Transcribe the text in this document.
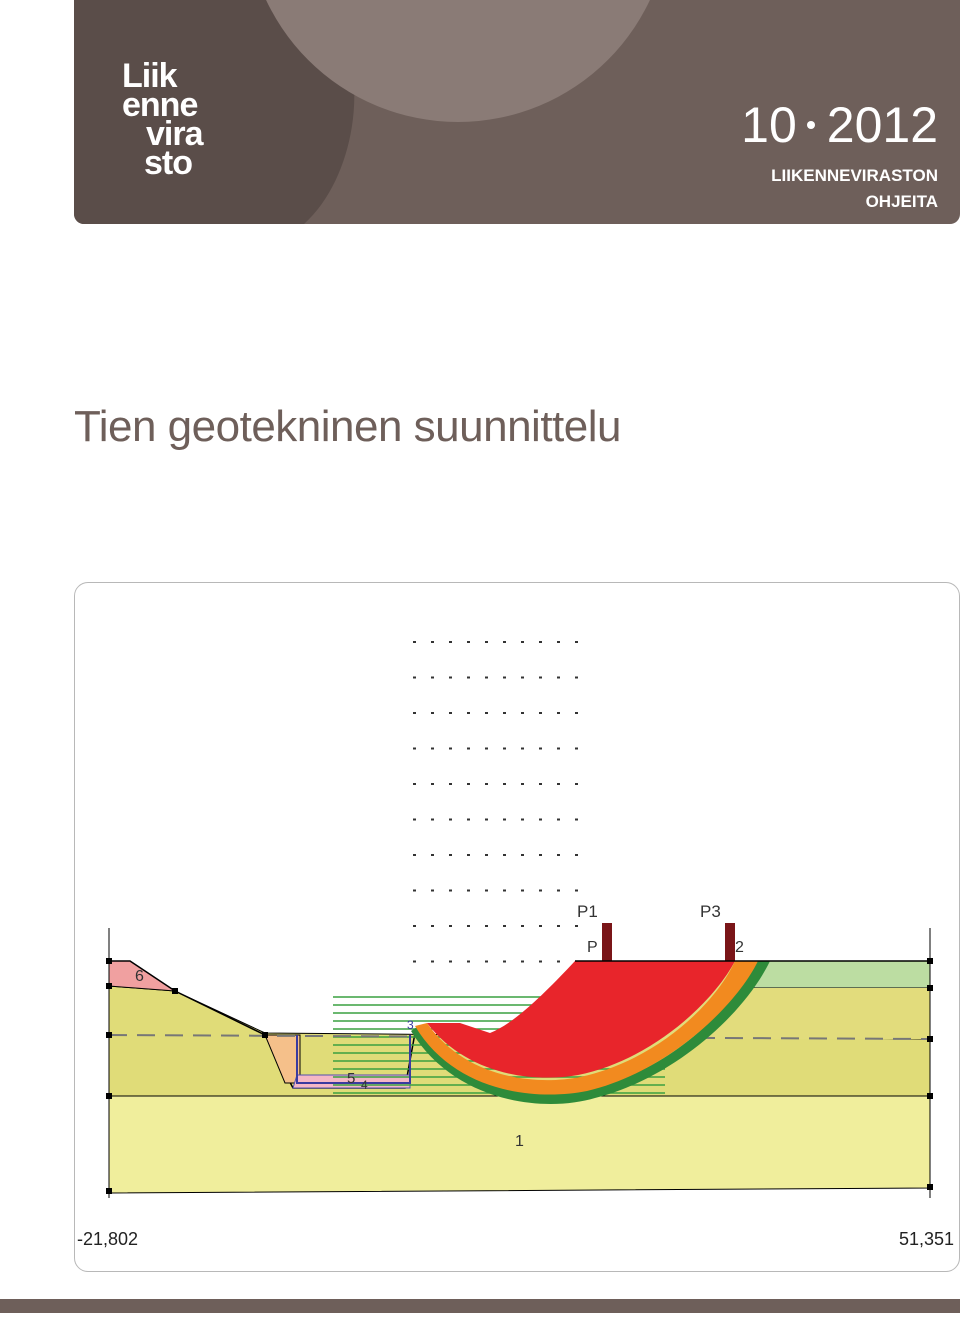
Liik
enne
vira
sto
10 2012
LIIKENNEVIRASTON
OHJEITA
Tien geotekninen suunnittelu
6
5 4
3
1
P1
P
P3
2
-21,802	51,351
